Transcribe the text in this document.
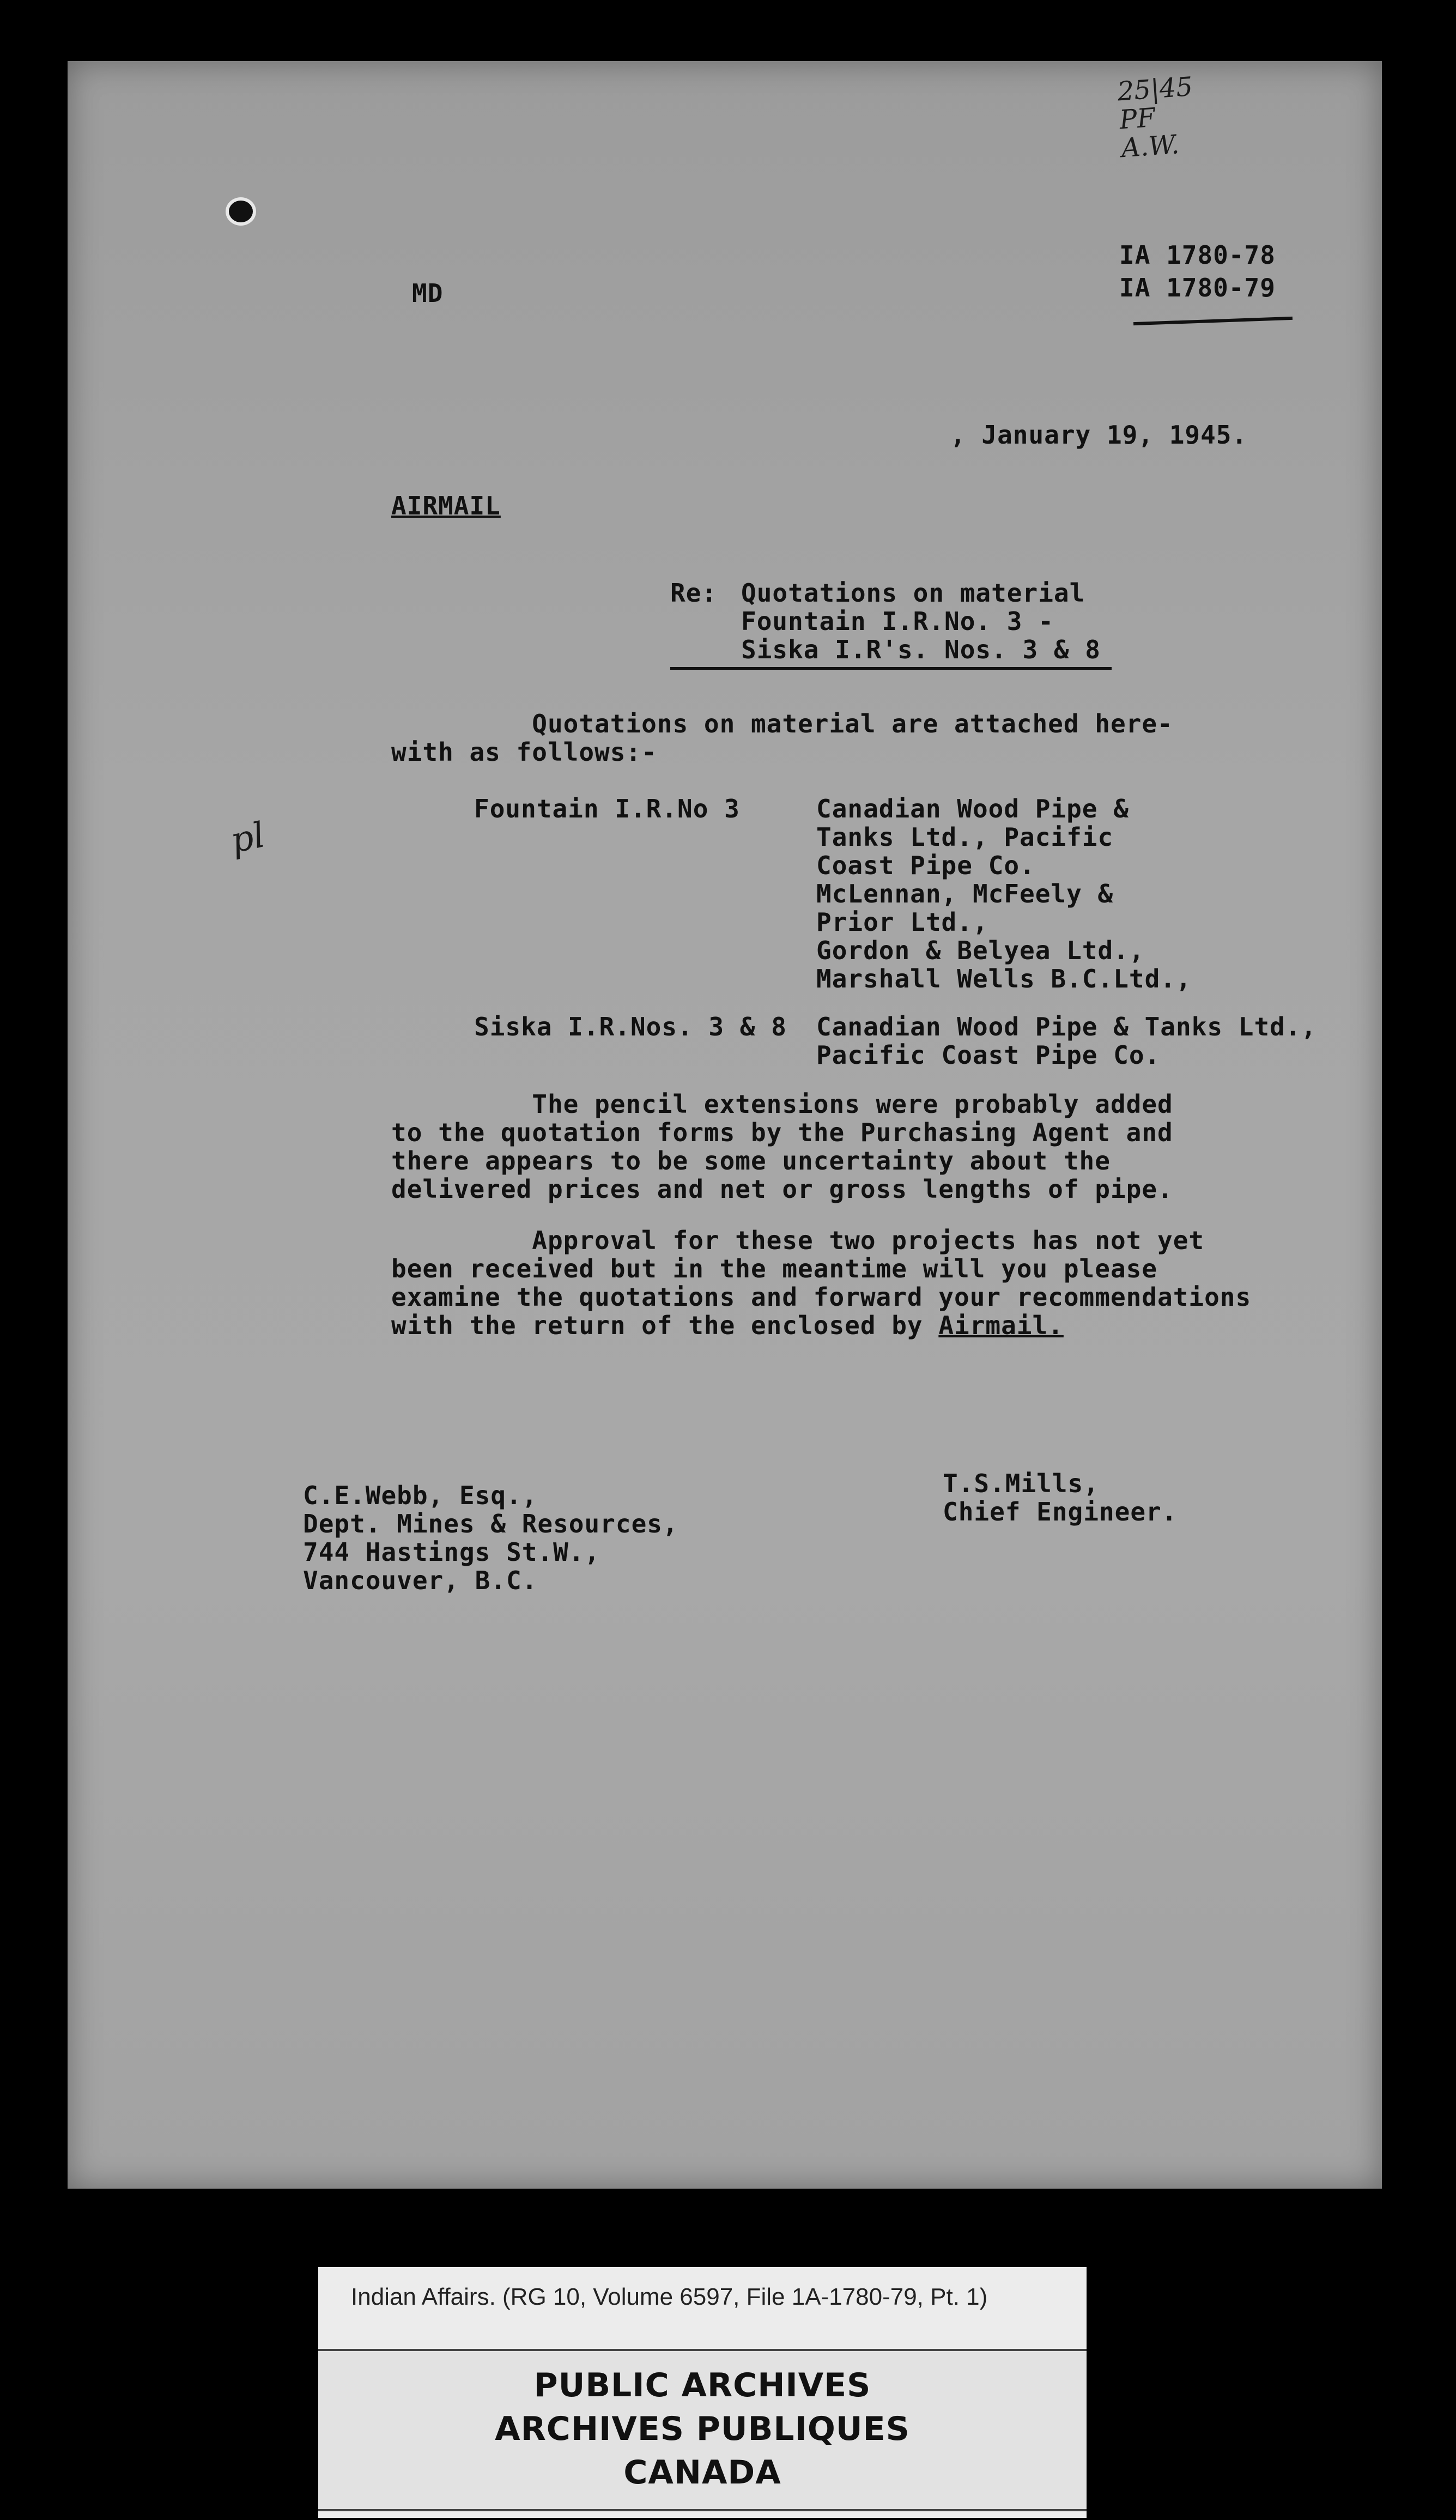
25|45
PF
A.W.

IA 1780-78

IA 1780-79

MD

, January 19, 1945.

AIRMAIL

Re: Quotations on material

Fountain I.R.No. 3 -

Siska I.R's. Nos. 3 & 8

Quotations on material are attached here-
with as follows:-

Fountain I.R.No 3	Canadian Wood Pipe &
Tanks Ltd., Pacific
Coast Pipe Co.
McLennan, McFeely &
Prior Ltd.,
Gordon & Belyea Ltd.,
Marshall Wells B.C.Ltd.,

Siska I.R.Nos. 3 & 8 Canadian Wood Pipe & Tanks Ltd.,
Pacific Coast Pipe Co.

The pencil extensions were probably added
to the quotation forms by the Purchasing Agent and
there appears to be some uncertainty about the
delivered prices and net or gross lengths of pipe.

Approval for these two projects has not yet
been received but in the meantime will you please
examine the quotations and forward your recommendations
with the return of the enclosed by Airmail.

pl

T.S.Mills,
Chief Engineer.

C.E.Webb, Esq.,
Dept. Mines & Resources,
744 Hastings St.W.,
Vancouver, B.C.

Indian Affairs. (RG 10, Volume 6597, File 1A-1780-79, Pt. 1)
PUBLIC ARCHIVES
ARCHIVES PUBLIQUES
CANADA
